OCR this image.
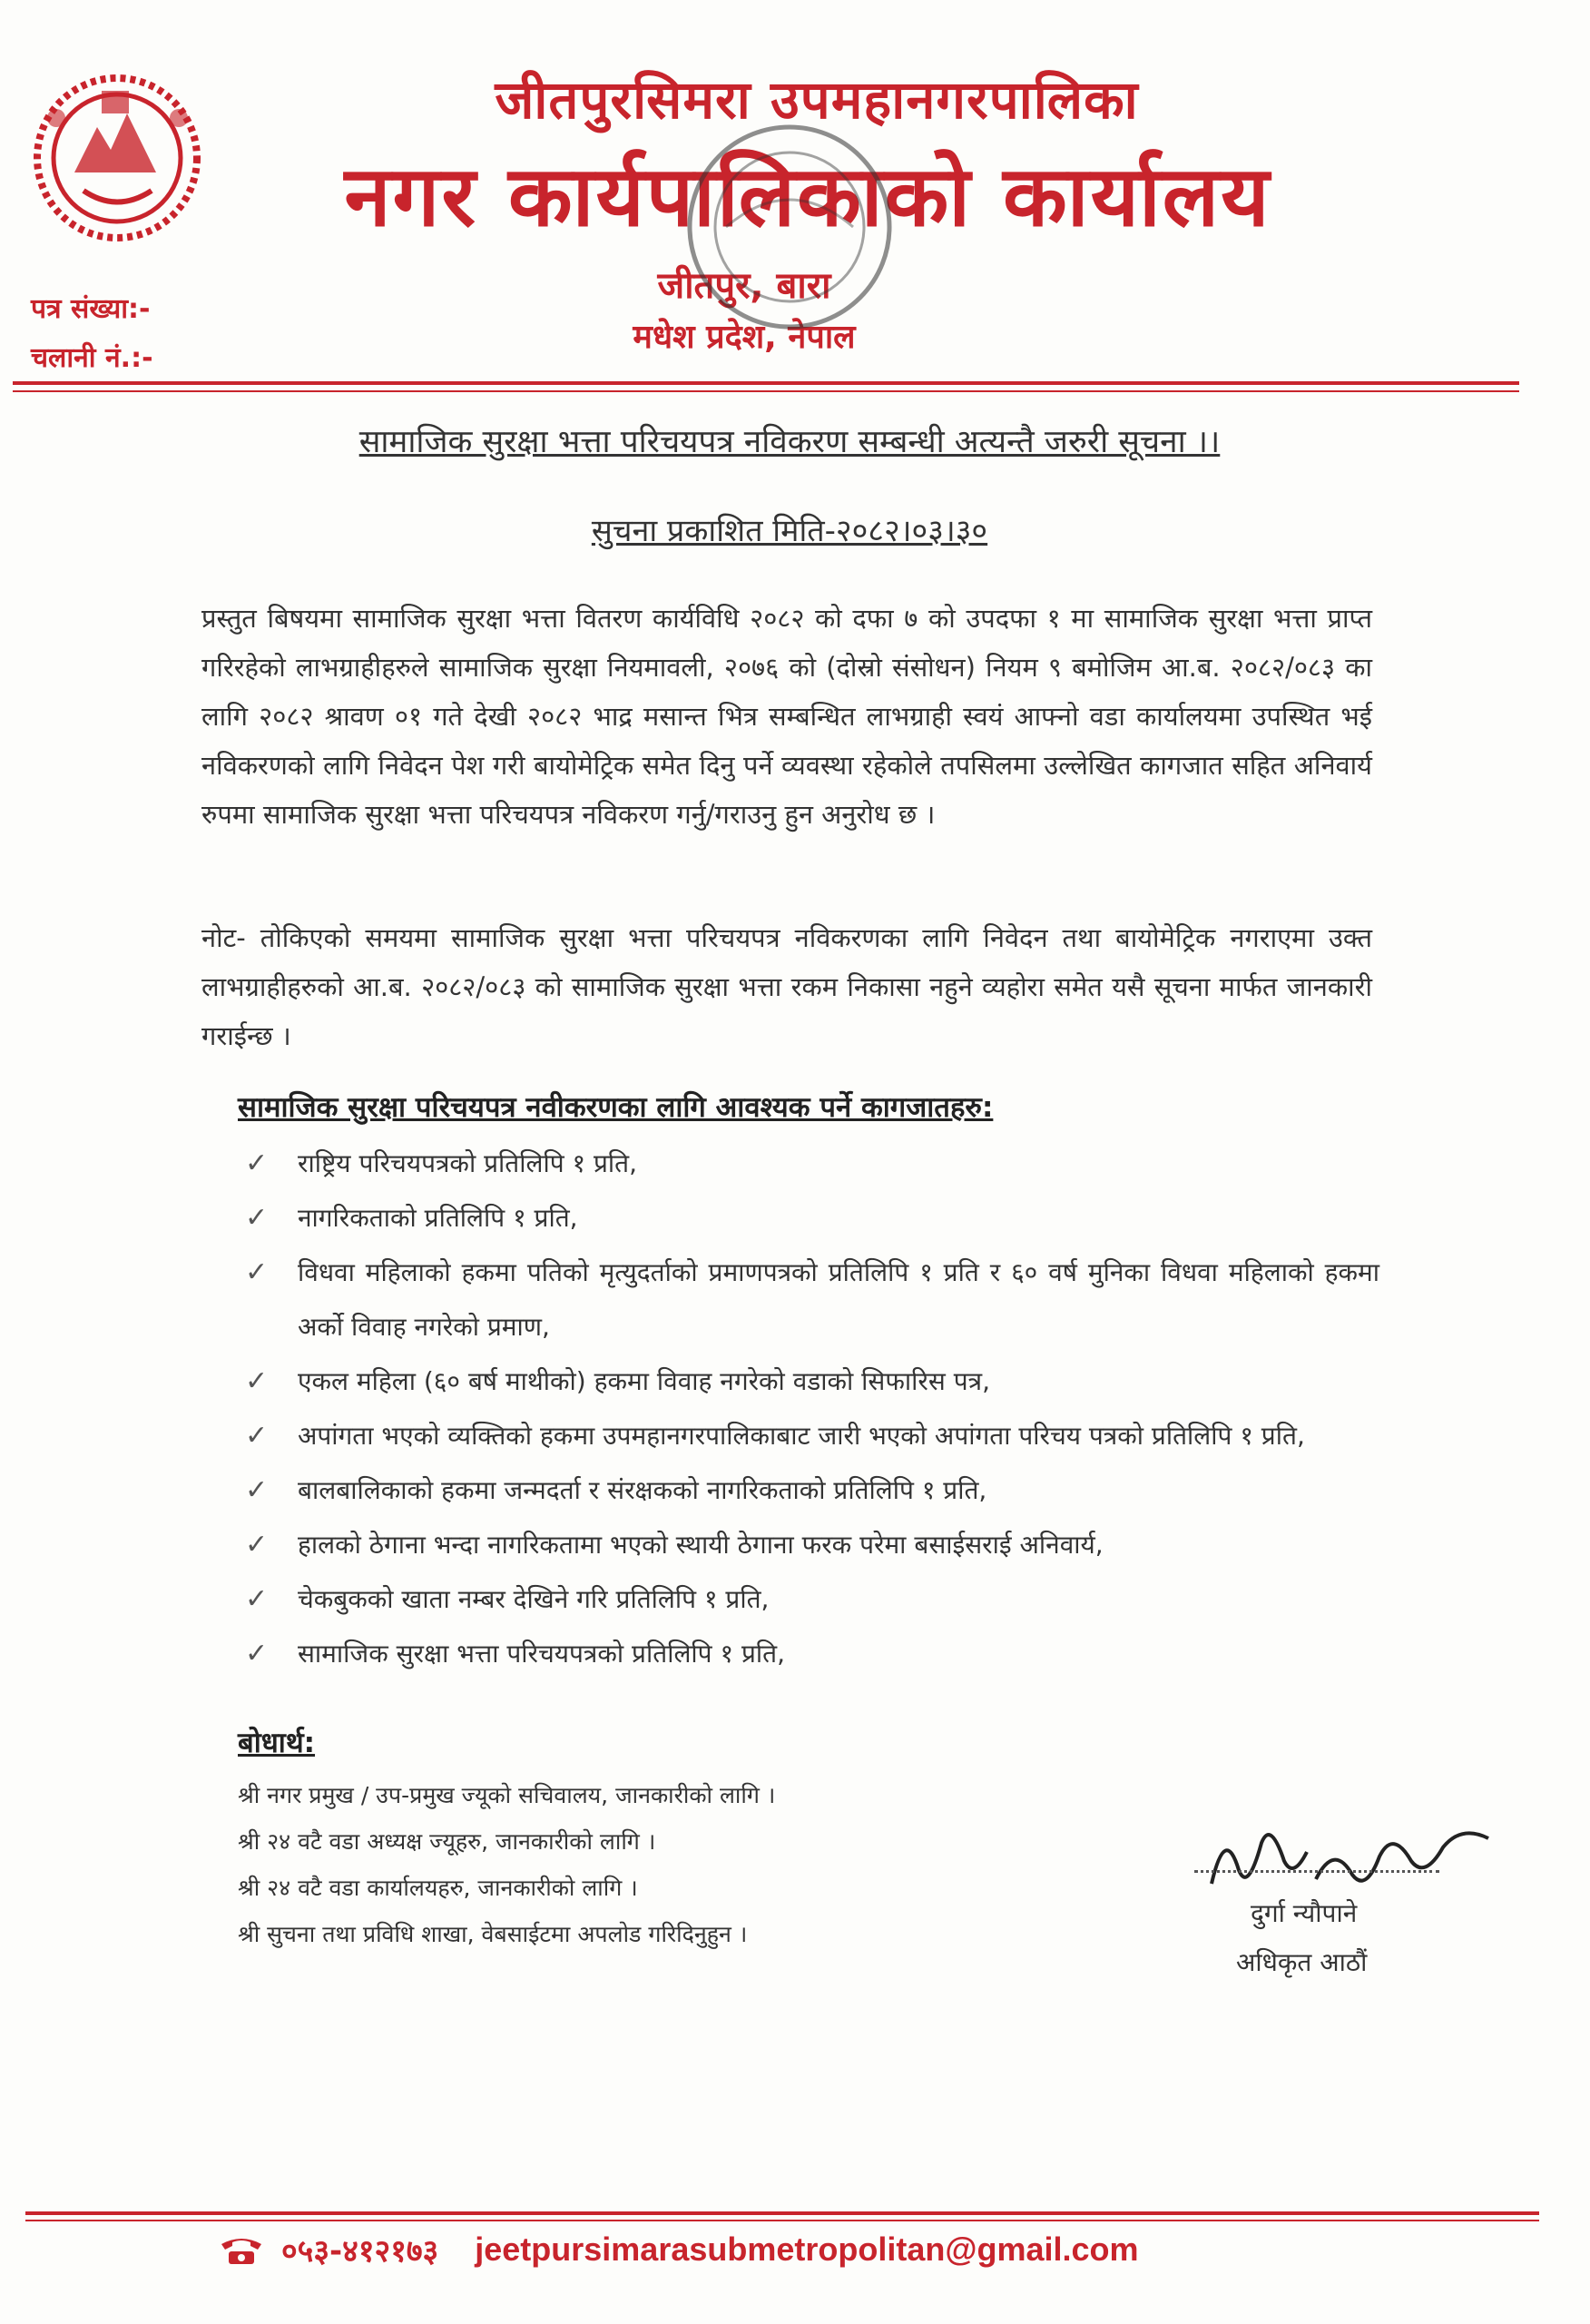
जीतपुरसिमरा उपमहानगरपालिका
नगर कार्यपालिकाको कार्यालय
जीतपुर, बारा
मधेश प्रदेश, नेपाल
पत्र संख्या:-
चलानी नं.:-
सामाजिक सुरक्षा भत्ता परिचयपत्र नविकरण सम्बन्धी अत्यन्तै जरुरी सूचना ।।
सुचना प्रकाशित मिति-२०८२।०३।३०
प्रस्तुत बिषयमा सामाजिक सुरक्षा भत्ता वितरण कार्यविधि २०८२ को दफा ७ को उपदफा १ मा सामाजिक सुरक्षा भत्ता प्राप्त गरिरहेको लाभग्राहीहरुले सामाजिक सुरक्षा नियमावली, २०७६ को (दोस्रो संसोधन) नियम ९ बमोजिम आ.ब. २०८२/०८३ का लागि २०८२ श्रावण ०१ गते देखी २०८२ भाद्र मसान्त भित्र सम्बन्धित लाभग्राही स्वयं आफ्नो वडा कार्यालयमा उपस्थित भई नविकरणको लागि निवेदन पेश गरी बायोमेट्रिक समेत दिनु पर्ने व्यवस्था रहेकोले तपसिलमा उल्लेखित कागजात सहित अनिवार्य रुपमा सामाजिक सुरक्षा भत्ता परिचयपत्र नविकरण गर्नु/गराउनु हुन अनुरोध छ ।
नोट- तोकिएको समयमा सामाजिक सुरक्षा भत्ता परिचयपत्र नविकरणका लागि निवेदन तथा बायोमेट्रिक नगराएमा उक्त लाभग्राहीहरुको आ.ब. २०८२/०८३ को सामाजिक सुरक्षा भत्ता रकम निकासा नहुने व्यहोरा समेत यसै सूचना मार्फत जानकारी गराईन्छ ।
सामाजिक सुरक्षा परिचयपत्र नवीकरणका लागि आवश्यक पर्ने कागजातहरु:
✓ राष्ट्रिय परिचयपत्रको प्रतिलिपि १ प्रति,
✓ नागरिकताको प्रतिलिपि १ प्रति,
✓ विधवा महिलाको हकमा पतिको मृत्युदर्ताको प्रमाणपत्रको प्रतिलिपि १ प्रति र ६० वर्ष मुनिका विधवा महिलाको हकमा अर्को विवाह नगरेको प्रमाण,
✓ एकल महिला (६० बर्ष माथीको) हकमा विवाह नगरेको वडाको सिफारिस पत्र,
✓ अपांगता भएको व्यक्तिको हकमा उपमहानगरपालिकाबाट जारी भएको अपांगता परिचय पत्रको प्रतिलिपि १ प्रति,
✓ बालबालिकाको हकमा जन्मदर्ता र संरक्षकको नागरिकताको प्रतिलिपि १ प्रति,
✓ हालको ठेगाना भन्दा नागरिकतामा भएको स्थायी ठेगाना फरक परेमा बसाईसराई अनिवार्य,
✓ चेकबुकको खाता नम्बर देखिने गरि प्रतिलिपि १ प्रति,
✓ सामाजिक सुरक्षा भत्ता परिचयपत्रको प्रतिलिपि १ प्रति,
बोधार्थ:
श्री नगर प्रमुख / उप-प्रमुख ज्यूको सचिवालय, जानकारीको लागि ।
श्री २४ वटै वडा अध्यक्ष ज्यूहरु, जानकारीको लागि ।
श्री २४ वटै वडा कार्यालयहरु, जानकारीको लागि ।
श्री सुचना तथा प्रविधि शाखा, वेबसाईटमा अपलोड गरिदिनुहुन ।
दुर्गा न्यौपाने
अधिकृत आठौं
०५३-४१२१७३ jeetpursimarasubmetropolitan@gmail.com
